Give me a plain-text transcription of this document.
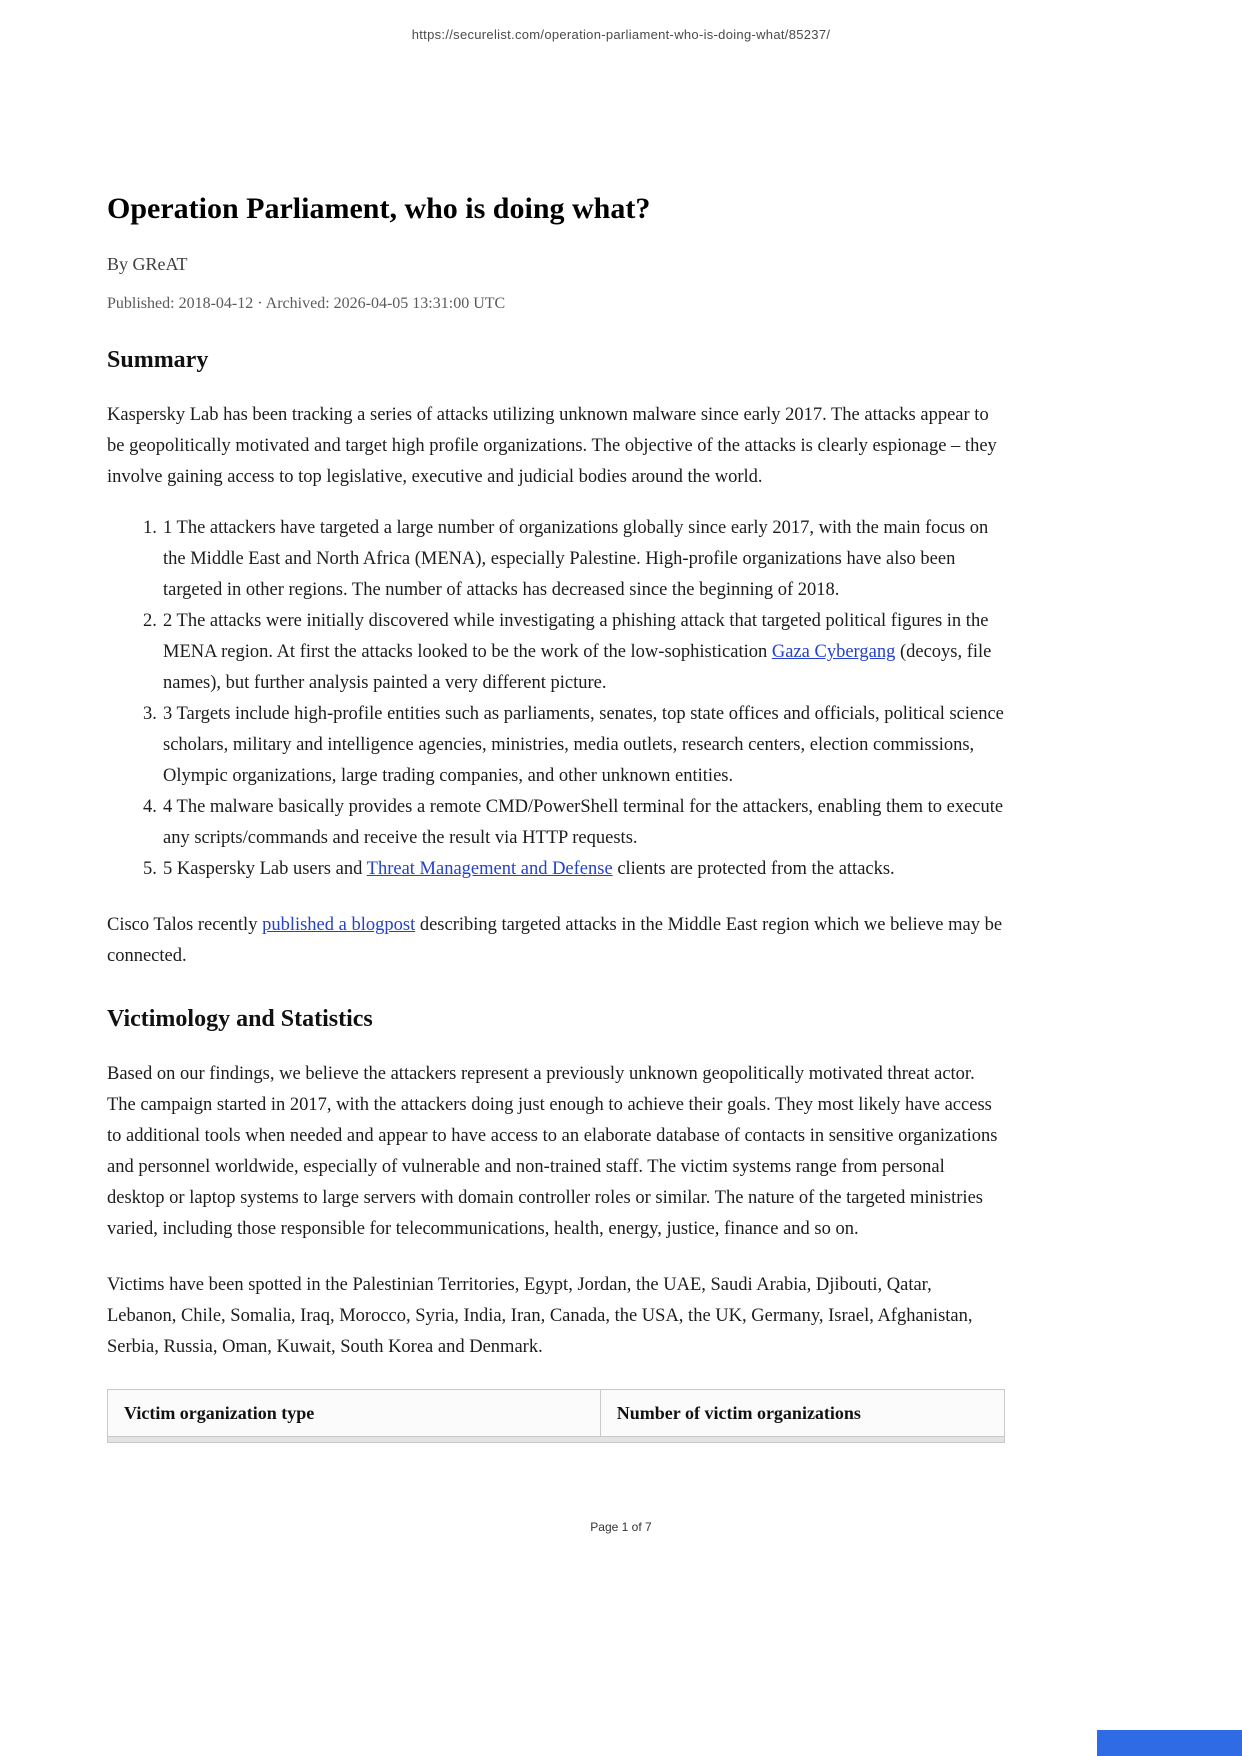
https://securelist.com/operation-parliament-who-is-doing-what/85237/
Operation Parliament, who is doing what?
By GReAT
Published: 2018-04-12 · Archived: 2026-04-05 13:31:00 UTC
Summary

Kaspersky Lab has been tracking a series of attacks utilizing unknown malware since early 2017. The attacks appear to be geopolitically motivated and target high profile organizations. The objective of the attacks is clearly espionage – they involve gaining access to top legislative, executive and judicial bodies around the world.

1. 1 The attackers have targeted a large number of organizations globally since early 2017, with the main focus on the Middle East and North Africa (MENA), especially Palestine. High-profile organizations have also been targeted in other regions. The number of attacks has decreased since the beginning of 2018.
2. 2 The attacks were initially discovered while investigating a phishing attack that targeted political figures in the MENA region. At first the attacks looked to be the work of the low-sophistication Gaza Cybergang (decoys, file names), but further analysis painted a very different picture.
3. 3 Targets include high-profile entities such as parliaments, senates, top state offices and officials, political science scholars, military and intelligence agencies, ministries, media outlets, research centers, election commissions, Olympic organizations, large trading companies, and other unknown entities.
4. 4 The malware basically provides a remote CMD/PowerShell terminal for the attackers, enabling them to execute any scripts/commands and receive the result via HTTP requests.
5. 5 Kaspersky Lab users and Threat Management and Defense clients are protected from the attacks.

Cisco Talos recently published a blogpost describing targeted attacks in the Middle East region which we believe may be connected.

Victimology and Statistics

Based on our findings, we believe the attackers represent a previously unknown geopolitically motivated threat actor. The campaign started in 2017, with the attackers doing just enough to achieve their goals. They most likely have access to additional tools when needed and appear to have access to an elaborate database of contacts in sensitive organizations and personnel worldwide, especially of vulnerable and non-trained staff. The victim systems range from personal desktop or laptop systems to large servers with domain controller roles or similar. The nature of the targeted ministries varied, including those responsible for telecommunications, health, energy, justice, finance and so on.

Victims have been spotted in the Palestinian Territories, Egypt, Jordan, the UAE, Saudi Arabia, Djibouti, Qatar, Lebanon, Chile, Somalia, Iraq, Morocco, Syria, India, Iran, Canada, the USA, the UK, Germany, Israel, Afghanistan, Serbia, Russia, Oman, Kuwait, South Korea and Denmark.

Victim organization type	Number of victim organizations
Page 1 of 7
